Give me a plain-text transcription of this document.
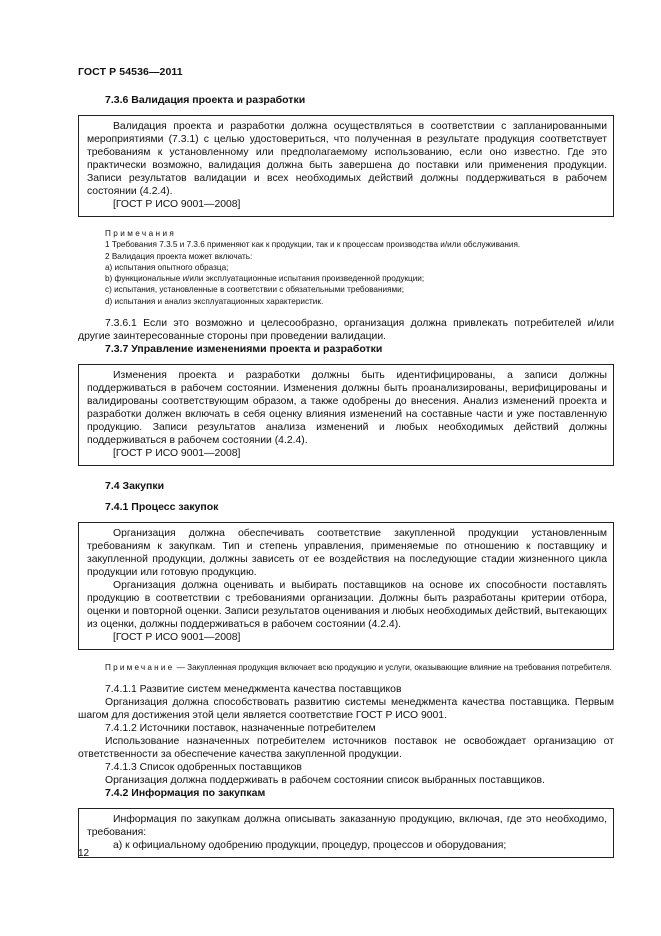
ГОСТ Р 54536—2011
7.3.6 Валидация проекта и разработки

Валидация проекта и разработки должна осуществляться в соответствии с запланированными мероприятиями (7.3.1) с целью удостовериться, что полученная в результате продукция соответствует требованиям к установленному или предполагаемому использованию, если оно известно. Где это практически возможно, валидация должна быть завершена до поставки или применения продукции. Записи результатов валидации и всех необходимых действий должны поддерживаться в рабочем состоянии (4.2.4).

[ГОСТ Р ИСО 9001—2008]

Примечания
1 Требования 7.3.5 и 7.3.6 применяют как к продукции, так и к процессам производства и/или обслуживания.
2 Валидация проекта может включать:
a) испытания опытного образца;
b) функциональные и/или эксплуатационные испытания произведенной продукции;
c) испытания, установленные в соответствии с обязательными требованиями;
d) испытания и анализ эксплуатационных характеристик.

7.3.6.1 Если это возможно и целесообразно, организация должна привлекать потребителей и/или другие заинтересованные стороны при проведении валидации.

7.3.7 Управление изменениями проекта и разработки

Изменения проекта и разработки должны быть идентифицированы, а записи должны поддерживаться в рабочем состоянии. Изменения должны быть проанализированы, верифицированы и валидированы соответствующим образом, а также одобрены до внесения. Анализ изменений проекта и разработки должен включать в себя оценку влияния изменений на составные части и уже поставленную продукцию. Записи результатов анализа изменений и любых необходимых действий должны поддерживаться в рабочем состоянии (4.2.4).

[ГОСТ Р ИСО 9001—2008]

7.4 Закупки
7.4.1 Процесс закупок

Организация должна обеспечивать соответствие закупленной продукции установленным требованиям к закупкам. Тип и степень управления, применяемые по отношению к поставщику и закупленной продукции, должны зависеть от ее воздействия на последующие стадии жизненного цикла продукции или готовую продукцию.

Организация должна оценивать и выбирать поставщиков на основе их способности поставлять продукцию в соответствии с требованиями организации. Должны быть разработаны критерии отбора, оценки и повторной оценки. Записи результатов оценивания и любых необходимых действий, вытекающих из оценки, должны поддерживаться в рабочем состоянии (4.2.4).

[ГОСТ Р ИСО 9001—2008]

Примечание — Закупленная продукция включает всю продукцию и услуги, оказывающие влияние на требования потребителя.

7.4.1.1 Развитие систем менеджмента качества поставщиков

Организация должна способствовать развитию системы менеджмента качества поставщика. Первым шагом для достижения этой цели является соответствие ГОСТ Р ИСО 9001.

7.4.1.2 Источники поставок, назначенные потребителем

Использование назначенных потребителем источников поставок не освобождает организацию от ответственности за обеспечение качества закупленной продукции.

7.4.1.3 Список одобренных поставщиков

Организация должна поддерживать в рабочем состоянии список выбранных поставщиков.

7.4.2 Информация по закупкам

Информация по закупкам должна описывать заказанную продукцию, включая, где это необходимо, требования:

а) к официальному одобрению продукции, процедур, процессов и оборудования;

12
